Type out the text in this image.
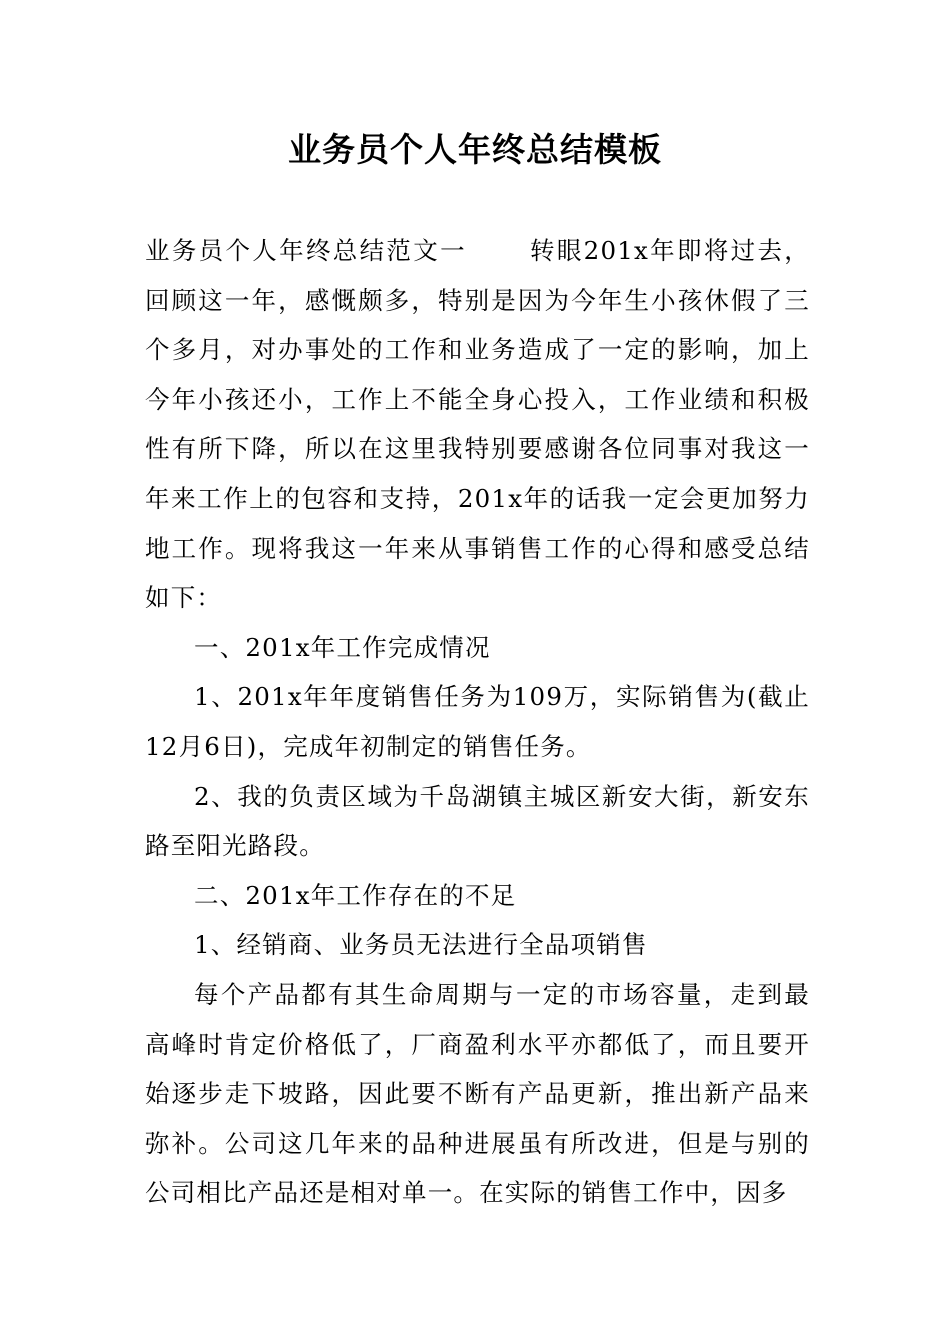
业务员个人年终总结模板

业务员个人年终总结范文一	转眼201x年即将过去，回顾这一年，感慨颇多，特别是因为今年生小孩休假了三个多月，对办事处的工作和业务造成了一定的影响，加上今年小孩还小，工作上不能全身心投入，工作业绩和积极性有所下降，所以在这里我特别要感谢各位同事对我这一年来工作上的包容和支持，201x年的话我一定会更加努力地工作。现将我这一年来从事销售工作的心得和感受总结如下：

一、201x年工作完成情况

1、201x年年度销售任务为109万，实际销售为(截止12月6日)，完成年初制定的销售任务。

2、我的负责区域为千岛湖镇主城区新安大街，新安东路至阳光路段。

二、201x年工作存在的不足

1、经销商、业务员无法进行全品项销售

每个产品都有其生命周期与一定的市场容量，走到最高峰时肯定价格低了，厂商盈利水平亦都低了，而且要开始逐步走下坡路，因此要不断有产品更新，推出新产品来弥补。公司这几年来的品种进展虽有所改进，但是与别的公司相比产品还是相对单一。在实际的销售工作中，因多
